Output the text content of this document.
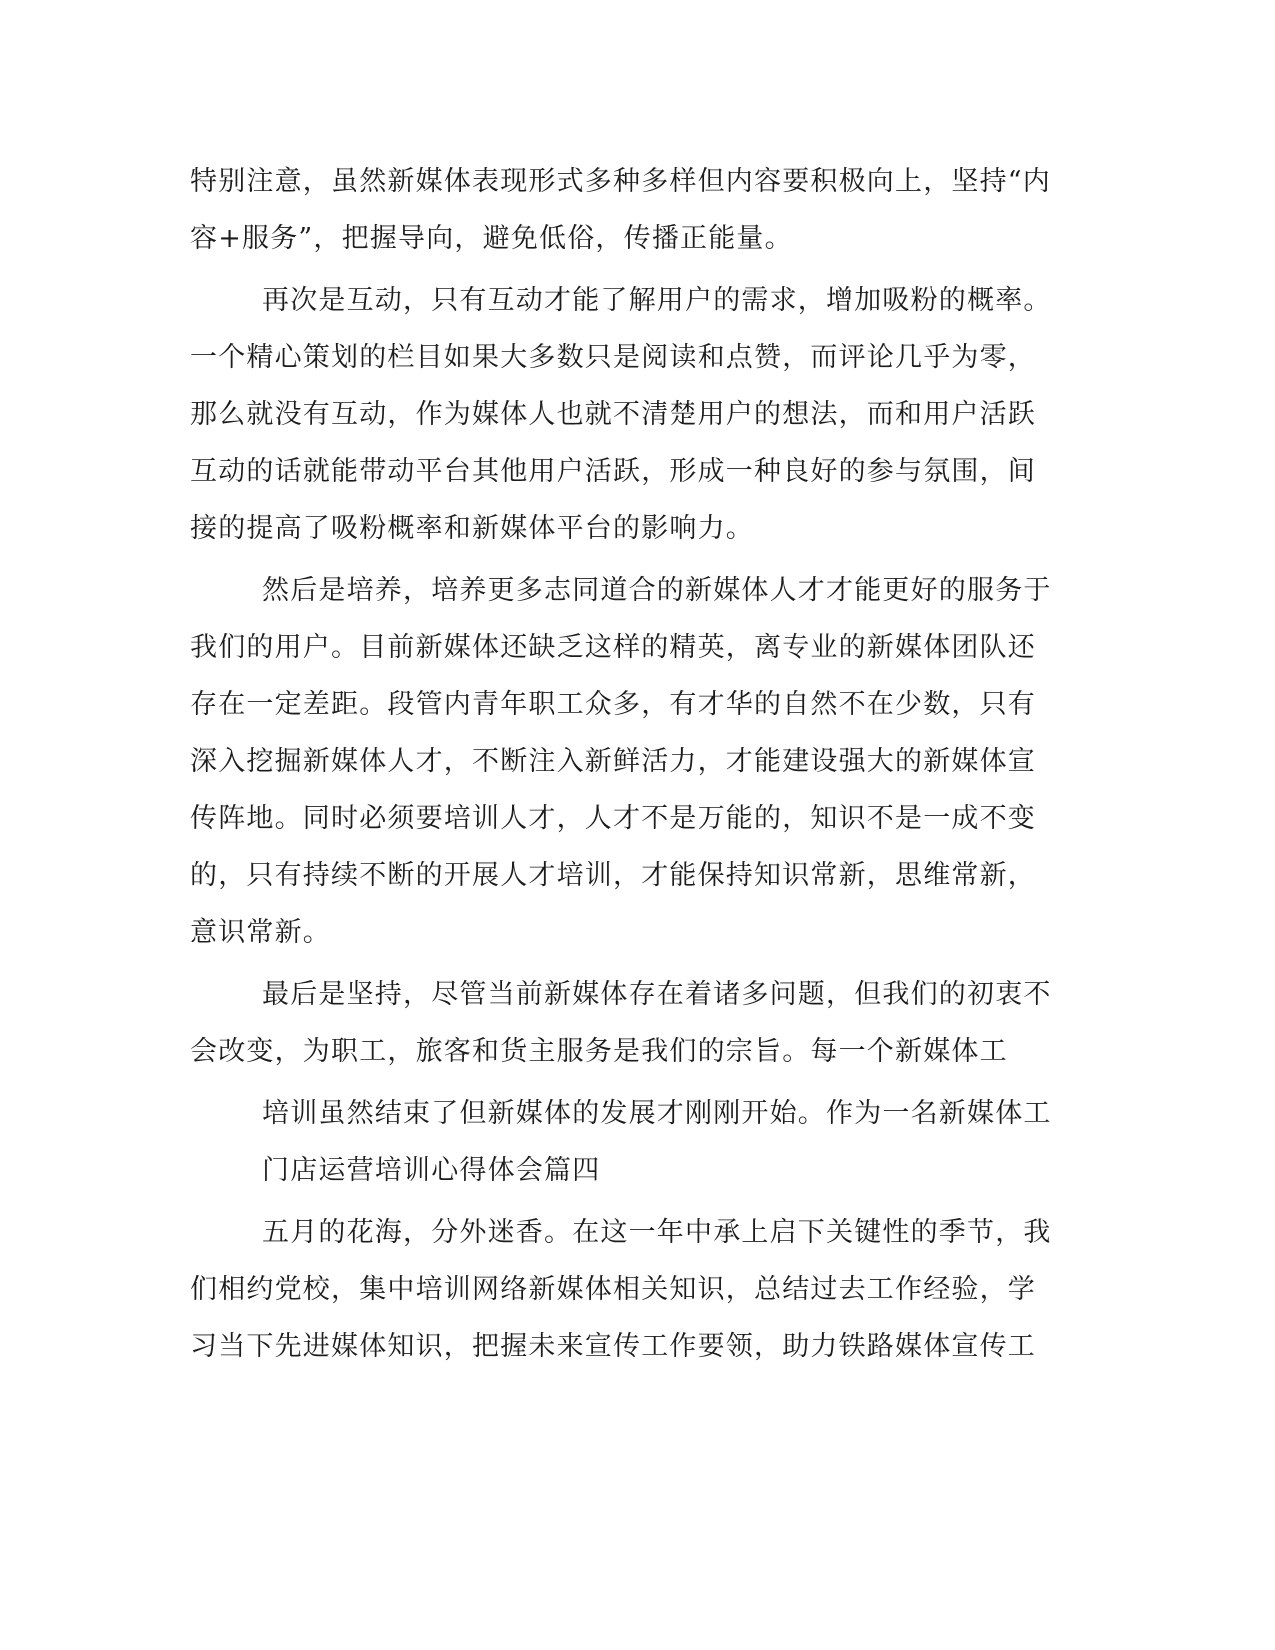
特别注意，虽然新媒体表现形式多种多样但内容要积极向上，坚持“内
容+服务”，把握导向，避免低俗，传播正能量。
再次是互动，只有互动才能了解用户的需求，增加吸粉的概率。
一个精心策划的栏目如果大多数只是阅读和点赞，而评论几乎为零，
那么就没有互动，作为媒体人也就不清楚用户的想法，而和用户活跃
互动的话就能带动平台其他用户活跃，形成一种良好的参与氛围，间
接的提高了吸粉概率和新媒体平台的影响力。
然后是培养，培养更多志同道合的新媒体人才才能更好的服务于
我们的用户。目前新媒体还缺乏这样的精英，离专业的新媒体团队还
存在一定差距。段管内青年职工众多，有才华的自然不在少数，只有
深入挖掘新媒体人才，不断注入新鲜活力，才能建设强大的新媒体宣
传阵地。同时必须要培训人才，人才不是万能的，知识不是一成不变
的，只有持续不断的开展人才培训，才能保持知识常新，思维常新，
意识常新。
最后是坚持，尽管当前新媒体存在着诸多问题，但我们的初衷不
会改变，为职工，旅客和货主服务是我们的宗旨。每一个新媒体工
培训虽然结束了但新媒体的发展才刚刚开始。作为一名新媒体工
门店运营培训心得体会篇四
五月的花海，分外迷香。在这一年中承上启下关键性的季节，我
们相约党校，集中培训网络新媒体相关知识，总结过去工作经验，学
习当下先进媒体知识，把握未来宣传工作要领，助力铁路媒体宣传工
